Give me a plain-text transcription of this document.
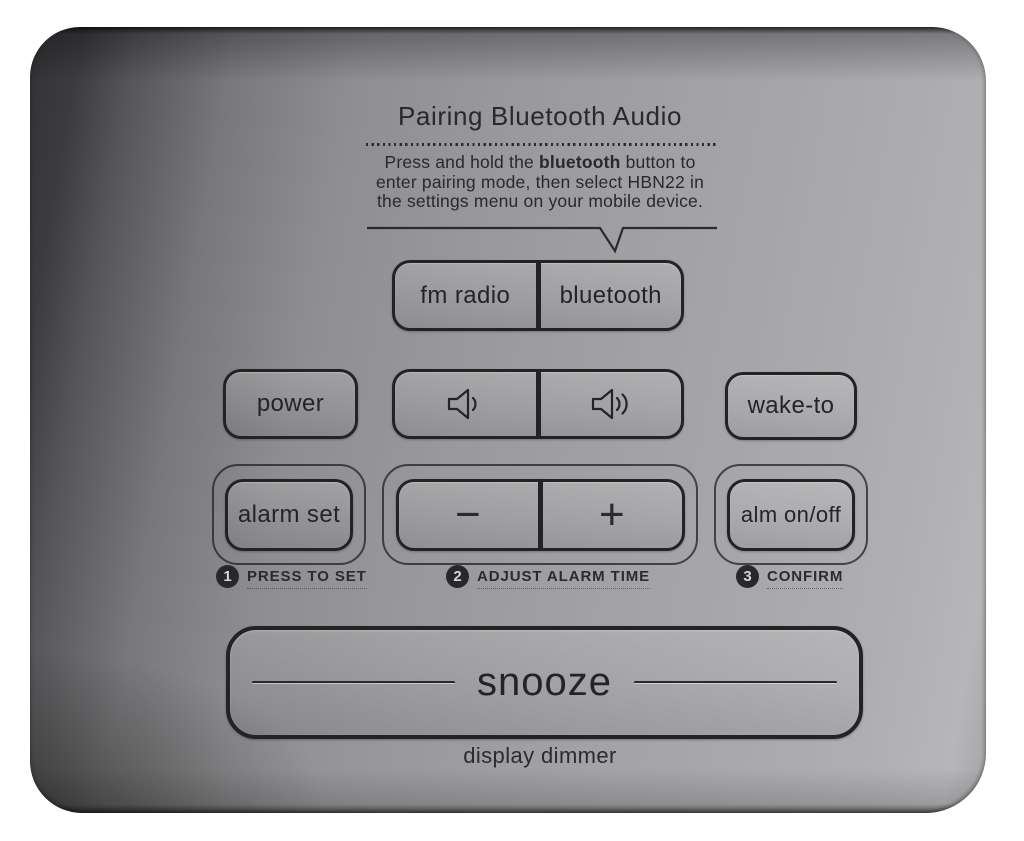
Pairing Bluetooth Audio
Press and hold the bluetooth button to
enter pairing mode, then select HBN22 in
the settings menu on your mobile device.
fm radio	bluetooth
power	wake-to
alarm set	−	+	alm on/off
1	PRESS TO SET	2	ADJUST ALARM TIME	3	CONFIRM
snooze
display dimmer
